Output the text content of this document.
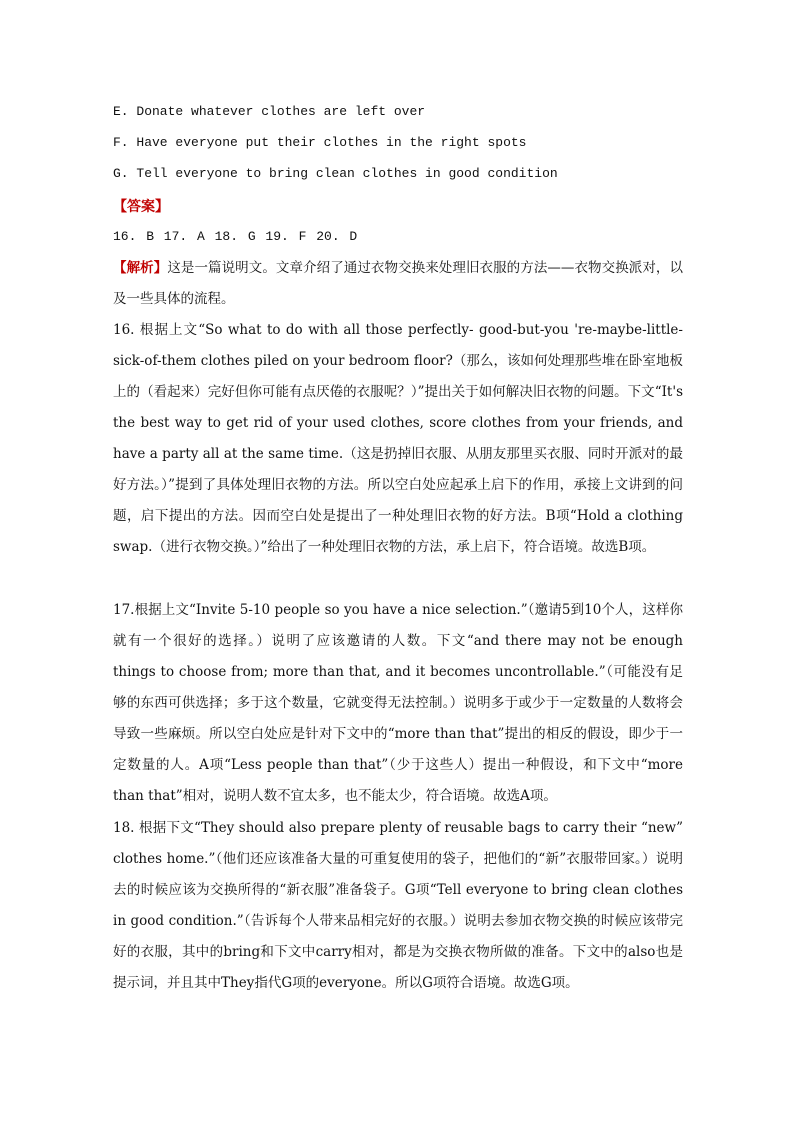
E. Donate whatever clothes are left over
F. Have everyone put their clothes in the right spots
G. Tell everyone to bring clean clothes in good condition
【答案】
16. B 17. A 18. G 19. F 20. D
【解析】这是一篇说明文。文章介绍了通过衣物交换来处理旧衣服的方法——衣物交换派对，以及一些具体的流程。
16. 根据上文“So what to do with all those perfectly- good-but-you 're-maybe-little-sick-of-them clothes piled on your bedroom floor?（那么，该如何处理那些堆在卧室地板上的（看起来）完好但你可能有点厌倦的衣服呢？）”提出关于如何解决旧衣物的问题。下文“It's the best way to get rid of your used clothes, score clothes from your friends, and have a party all at the same time.（这是扔掉旧衣服、从朋友那里买衣服、同时开派对的最好方法。）”提到了具体处理旧衣物的方法。所以空白处应起承上启下的作用，承接上文讲到的问题，启下提出的方法。因而空白处是提出了一种处理旧衣物的好方法。B项“Hold a clothing swap.（进行衣物交换。）”给出了一种处理旧衣物的方法，承上启下，符合语境。故选B项。
17.根据上文“Invite 5-10 people so you have a nice selection.”（邀请5到10个人，这样你就有一个很好的选择。）说明了应该邀请的人数。下文“and there may not be enough things to choose from; more than that, and it becomes uncontrollable.”（可能没有足够的东西可供选择；多于这个数量，它就变得无法控制。）说明多于或少于一定数量的人数将会导致一些麻烦。所以空白处应是针对下文中的“more than that”提出的相反的假设，即少于一定数量的人。A项“Less people than that”（少于这些人）提出一种假设，和下文中“more than that”相对，说明人数不宜太多，也不能太少，符合语境。故选A项。
18. 根据下文“They should also prepare plenty of reusable bags to carry their “new” clothes home.”（他们还应该准备大量的可重复使用的袋子，把他们的“新”衣服带回家。）说明去的时候应该为交换所得的“新衣服”准备袋子。G项“Tell everyone to bring clean clothes in good condition.”（告诉每个人带来品相完好的衣服。）说明去参加衣物交换的时候应该带完好的衣服，其中的bring和下文中carry相对，都是为交换衣物所做的准备。下文中的also也是提示词，并且其中They指代G项的everyone。所以G项符合语境。故选G项。
